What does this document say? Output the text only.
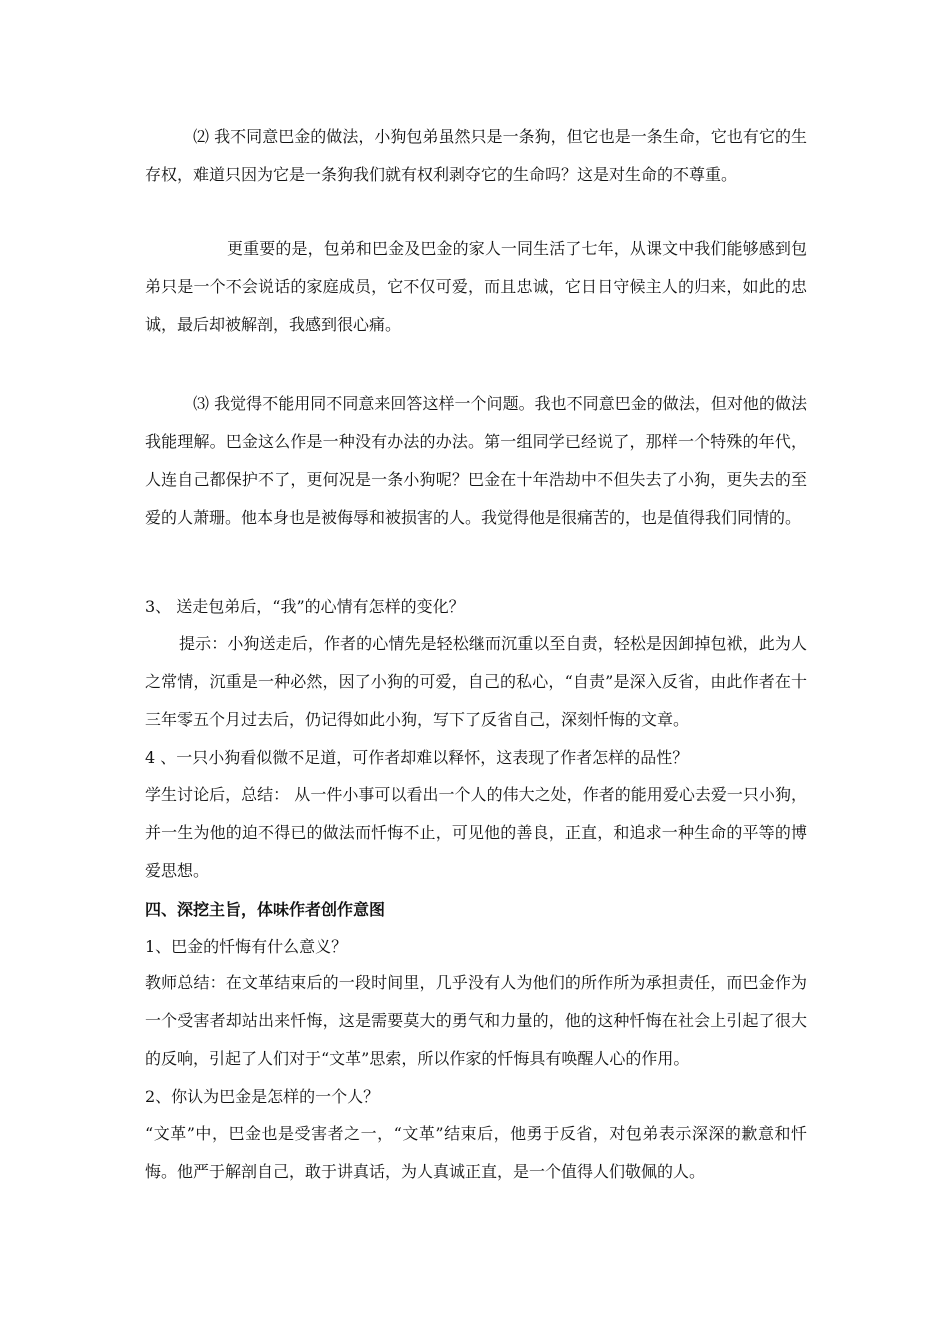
⑵ 我不同意巴金的做法，小狗包弟虽然只是一条狗，但它也是一条生命，它也有它的生存权，难道只因为它是一条狗我们就有权利剥夺它的生命吗？这是对生命的不尊重。

更重要的是，包弟和巴金及巴金的家人一同生活了七年，从课文中我们能够感到包弟只是一个不会说话的家庭成员，它不仅可爱，而且忠诚，它日日守候主人的归来，如此的忠诚，最后却被解剖，我感到很心痛。

⑶ 我觉得不能用同不同意来回答这样一个问题。我也不同意巴金的做法，但对他的做法我能理解。巴金这么作是一种没有办法的办法。第一组同学已经说了，那样一个特殊的年代，人连自己都保护不了，更何况是一条小狗呢？巴金在十年浩劫中不但失去了小狗，更失去的至爱的人萧珊。他本身也是被侮辱和被损害的人。我觉得他是很痛苦的，也是值得我们同情的。

3、 送走包弟后，“我”的心情有怎样的变化？

提示：小狗送走后，作者的心情先是轻松继而沉重以至自责，轻松是因卸掉包袱，此为人之常情，沉重是一种必然，因了小狗的可爱，自己的私心，“自责”是深入反省，由此作者在十三年零五个月过去后，仍记得如此小狗，写下了反省自己，深刻忏悔的文章。

4 、一只小狗看似微不足道，可作者却难以释怀，这表现了作者怎样的品性？

学生讨论后，总结： 从一件小事可以看出一个人的伟大之处，作者的能用爱心去爱一只小狗，并一生为他的迫不得已的做法而忏悔不止，可见他的善良，正直，和追求一种生命的平等的博爱思想。

四、深挖主旨，体味作者创作意图

1、巴金的忏悔有什么意义？

教师总结：在文革结束后的一段时间里，几乎没有人为他们的所作所为承担责任，而巴金作为一个受害者却站出来忏悔，这是需要莫大的勇气和力量的，他的这种忏悔在社会上引起了很大的反响，引起了人们对于“文革”思索，所以作家的忏悔具有唤醒人心的作用。

2、你认为巴金是怎样的一个人？

“文革”中，巴金也是受害者之一，“文革”结束后，他勇于反省，对包弟表示深深的歉意和忏悔。他严于解剖自己，敢于讲真话，为人真诚正直，是一个值得人们敬佩的人。
